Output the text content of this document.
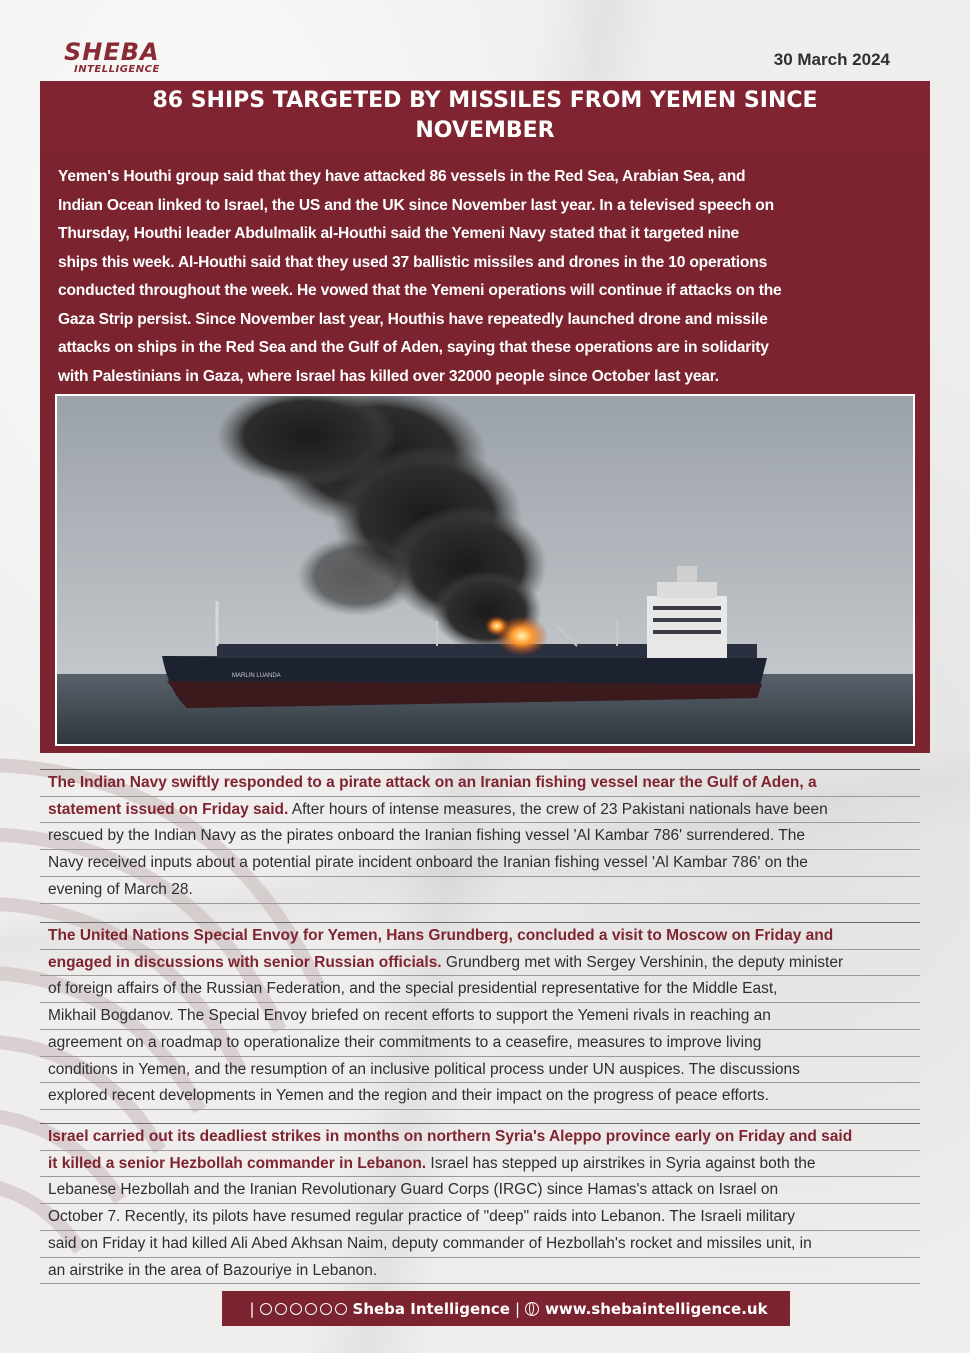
SHEBA
INTELLIGENCE
30 March 2024
86 SHIPS TARGETED BY MISSILES FROM YEMEN SINCE NOVEMBER
Yemen's Houthi group said that they have attacked 86 vessels in the Red Sea, Arabian Sea, and
Indian Ocean linked to Israel, the US and the UK since November last year. In a televised speech on
Thursday, Houthi leader Abdulmalik al-Houthi said the Yemeni Navy stated that it targeted nine
ships this week. Al-Houthi said that they used 37 ballistic missiles and drones in the 10 operations
conducted throughout the week. He vowed that the Yemeni operations will continue if attacks on the
Gaza Strip persist. Since November last year, Houthis have repeatedly launched drone and missile
attacks on ships in the Red Sea and the Gulf of Aden, saying that these operations are in solidarity
with Palestinians in Gaza, where Israel has killed over 32000 people since October last year.
MARLIN LUANDA
The Indian Navy swiftly responded to a pirate attack on an Iranian fishing vessel near the Gulf of Aden, a
statement issued on Friday said. After hours of intense measures, the crew of 23 Pakistani nationals have been
rescued by the Indian Navy as the pirates onboard the Iranian fishing vessel 'Al Kambar 786' surrendered. The
Navy received inputs about a potential pirate incident onboard the Iranian fishing vessel 'Al Kambar 786' on the
evening of March 28.
The United Nations Special Envoy for Yemen, Hans Grundberg, concluded a visit to Moscow on Friday and
engaged in discussions with senior Russian officials. Grundberg met with Sergey Vershinin, the deputy minister
of foreign affairs of the Russian Federation, and the special presidential representative for the Middle East,
Mikhail Bogdanov. The Special Envoy briefed on recent efforts to support the Yemeni rivals in reaching an
agreement on a roadmap to operationalize their commitments to a ceasefire, measures to improve living
conditions in Yemen, and the resumption of an inclusive political process under UN auspices. The discussions
explored recent developments in Yemen and the region and their impact on the progress of peace efforts.
Israel carried out its deadliest strikes in months on northern Syria's Aleppo province early on Friday and said
it killed a senior Hezbollah commander in Lebanon. Israel has stepped up airstrikes in Syria against both the
Lebanese Hezbollah and the Iranian Revolutionary Guard Corps (IRGC) since Hamas's attack on Israel on
October 7. Recently, its pilots have resumed regular practice of "deep" raids into Lebanon. The Israeli military
said on Friday it had killed Ali Abed Akhsan Naim, deputy commander of Hezbollah's rocket and missiles unit, in
an airstrike in the area of Bazouriye in Lebanon.
|	Sheba Intelligence | www.shebaintelligence.uk
